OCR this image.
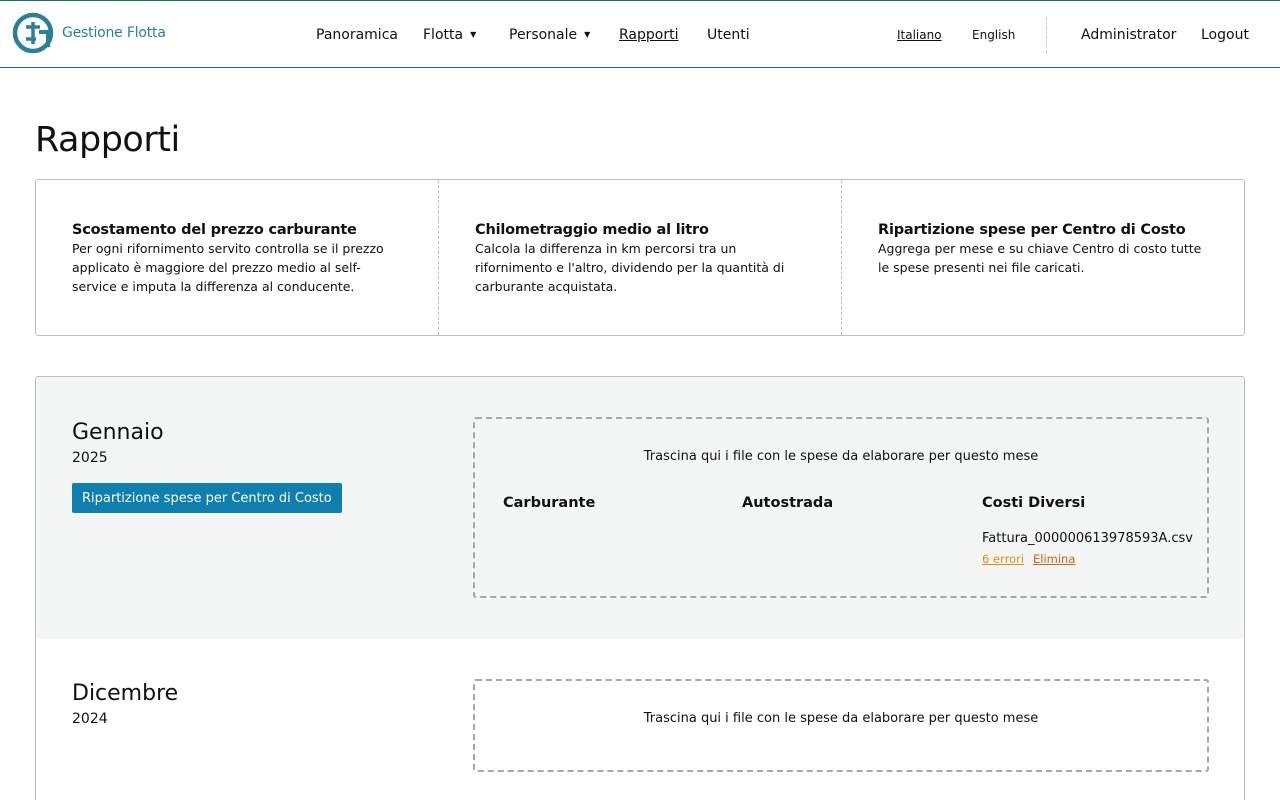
Gestione Flotta	Panoramica Flotta ▼ Personale ▼ Rapporti Utenti	Italiano	English	Administrator Logout
Rapporti
Scostamento del prezzo carburante

Per ogni rifornimento servito controlla se il prezzo applicato è maggiore del prezzo medio al self-service e imputa la differenza al conducente.

Chilometraggio medio al litro

Calcola la differenza in km percorsi tra un rifornimento e l'altro, dividendo per la quantità di carburante acquistata.

Ripartizione spese per Centro di Costo

Aggrega per mese e su chiave Centro di costo tutte le spese presenti nei file caricati.

Gennaio
2025
Ripartizione spese per Centro di Costo
Trascina qui i file con le spese da elaborare per questo mese
Carburante	Autostrada	Costi Diversi
Fattura_000000613978593A.csv
6 errori Elimina
Dicembre
2024	Trascina qui i file con le spese da elaborare per questo mese
